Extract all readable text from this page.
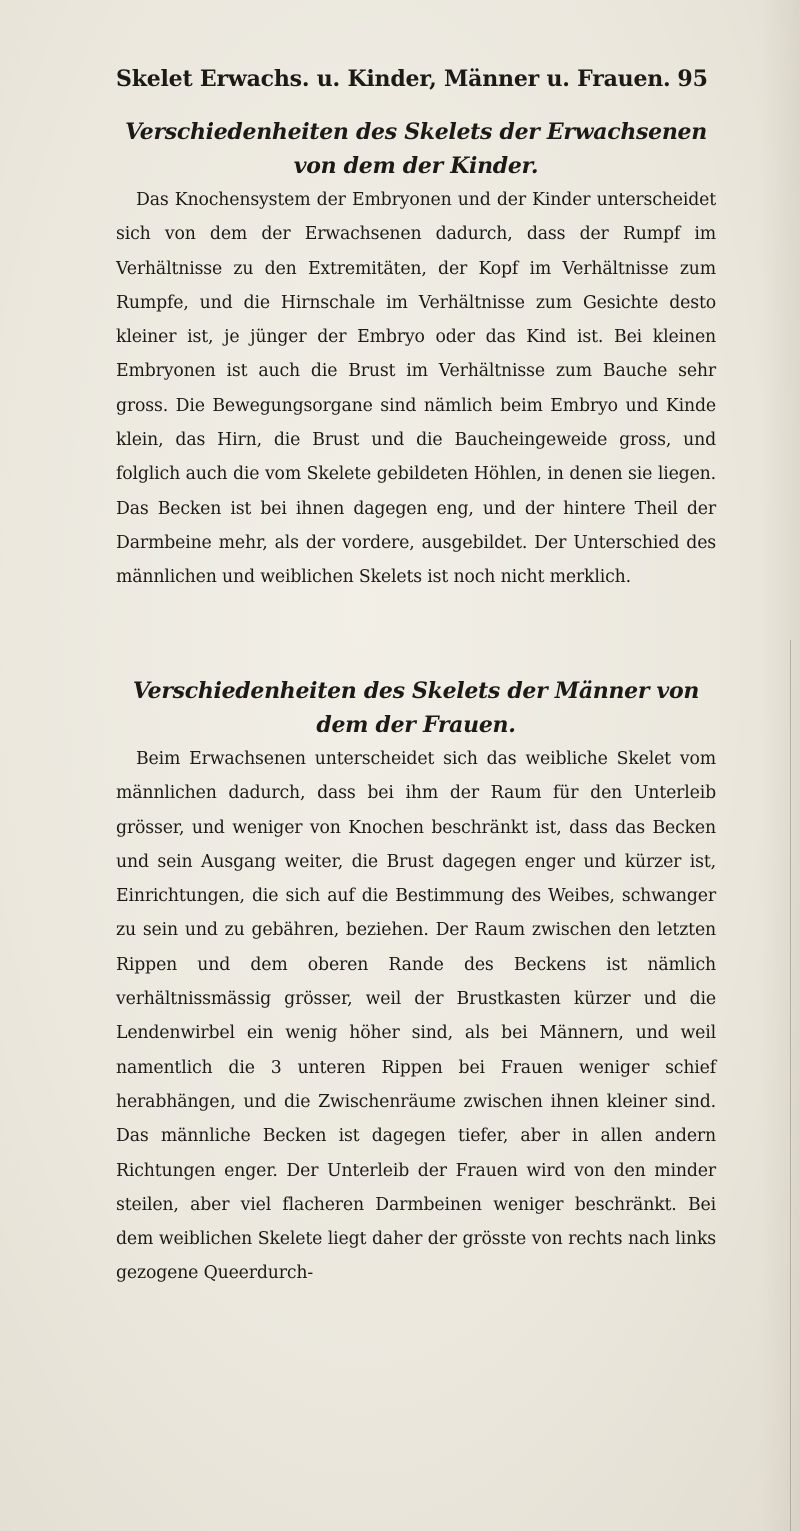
Skelet Erwachs. u. Kinder, Männer u. Frauen. 95
Verschiedenheiten des Skelets der Erwachsenen von dem der Kinder.

Das Knochensystem der Embryonen und der Kinder unterscheidet sich von dem der Erwachsenen dadurch, dass der Rumpf im Verhältnisse zu den Extremitäten, der Kopf im Verhältnisse zum Rumpfe, und die Hirnschale im Verhältnisse zum Gesichte desto kleiner ist, je jünger der Embryo oder das Kind ist. Bei kleinen Embryonen ist auch die Brust im Verhältnisse zum Bauche sehr gross. Die Bewegungsorgane sind nämlich beim Embryo und Kinde klein, das Hirn, die Brust und die Baucheingeweide gross, und folglich auch die vom Skelete gebildeten Höhlen, in denen sie liegen. Das Becken ist bei ihnen dagegen eng, und der hintere Theil der Darmbeine mehr, als der vordere, ausgebildet. Der Unterschied des männlichen und weiblichen Skelets ist noch nicht merklich.

Verschiedenheiten des Skelets der Männer von dem der Frauen.

Beim Erwachsenen unterscheidet sich das weibliche Skelet vom männlichen dadurch, dass bei ihm der Raum für den Unterleib grösser, und weniger von Knochen beschränkt ist, dass das Becken und sein Ausgang weiter, die Brust dagegen enger und kürzer ist, Einrichtungen, die sich auf die Bestimmung des Weibes, schwanger zu sein und zu gebähren, beziehen. Der Raum zwischen den letzten Rippen und dem oberen Rande des Beckens ist nämlich verhältnissmässig grösser, weil der Brustkasten kürzer und die Lendenwirbel ein wenig höher sind, als bei Männern, und weil namentlich die 3 unteren Rippen bei Frauen weniger schief herabhängen, und die Zwischenräume zwischen ihnen kleiner sind. Das männliche Becken ist dagegen tiefer, aber in allen andern Richtungen enger. Der Unterleib der Frauen wird von den minder steilen, aber viel flacheren Darmbeinen weniger beschränkt. Bei dem weiblichen Skelete liegt daher der grösste von rechts nach links gezogene Queerdurch-
